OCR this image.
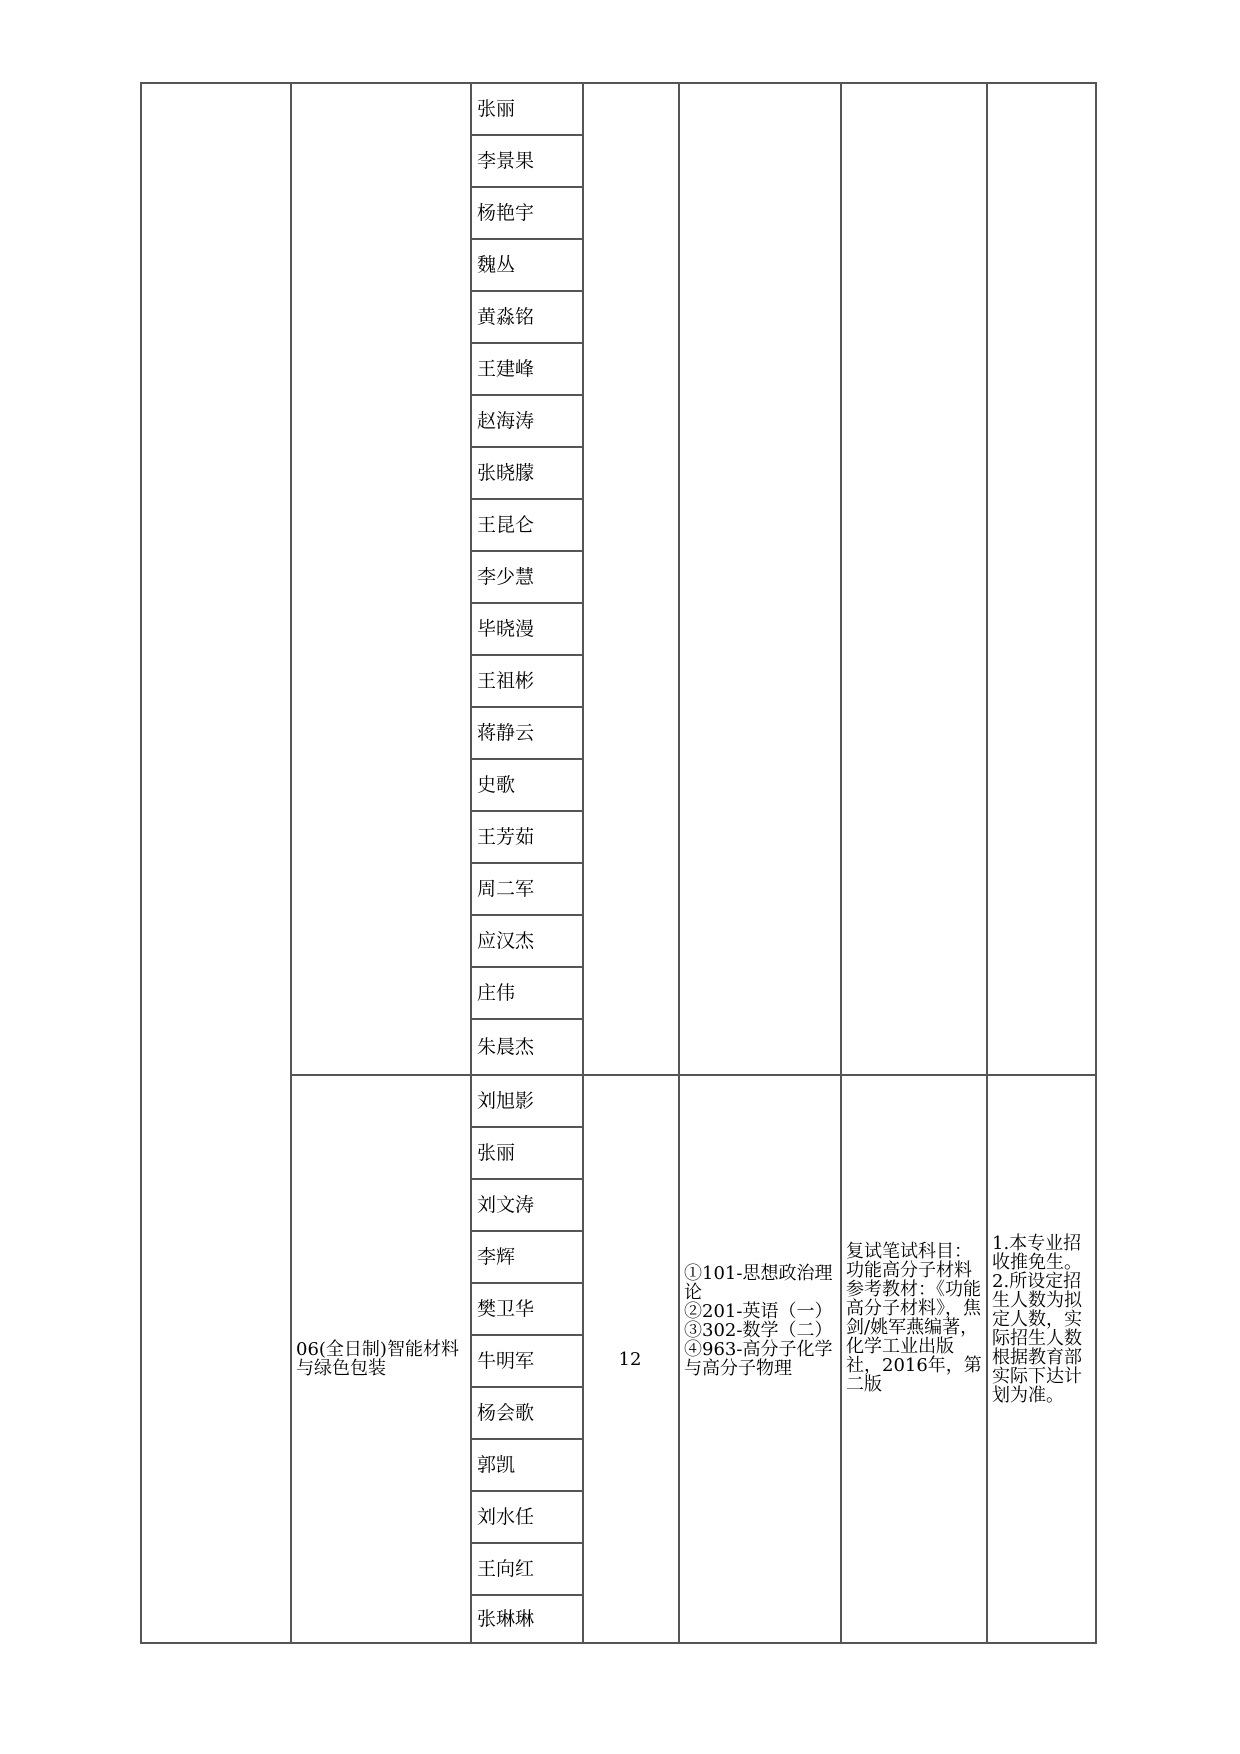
张丽
李景果
杨艳宇
魏丛
黄淼铭
王建峰
赵海涛
张晓朦
王昆仑
李少慧
毕晓漫
王祖彬
蒋静云
史歌
王芳茹
周二军
应汉杰
庄伟
朱晨杰
刘旭影
张丽
刘文涛
李辉
樊卫华
牛明军
杨会歌
郭凯
刘水任
王向红
张琳琳
06(全日制)智能材料与绿色包装	12
①101-思想政治理论
②201-英语（一）
③302-数学（二）
④963-高分子化学与高分子物理
复试笔试科目：功能高分子材料
参考教材：《功能高分子材料》，焦剑/姚军燕编著，化学工业出版社，2016年，第二版
1.本专业招收推免生。
2.所设定招生人数为拟定人数，实际招生人数根据教育部实际下达计划为准。
